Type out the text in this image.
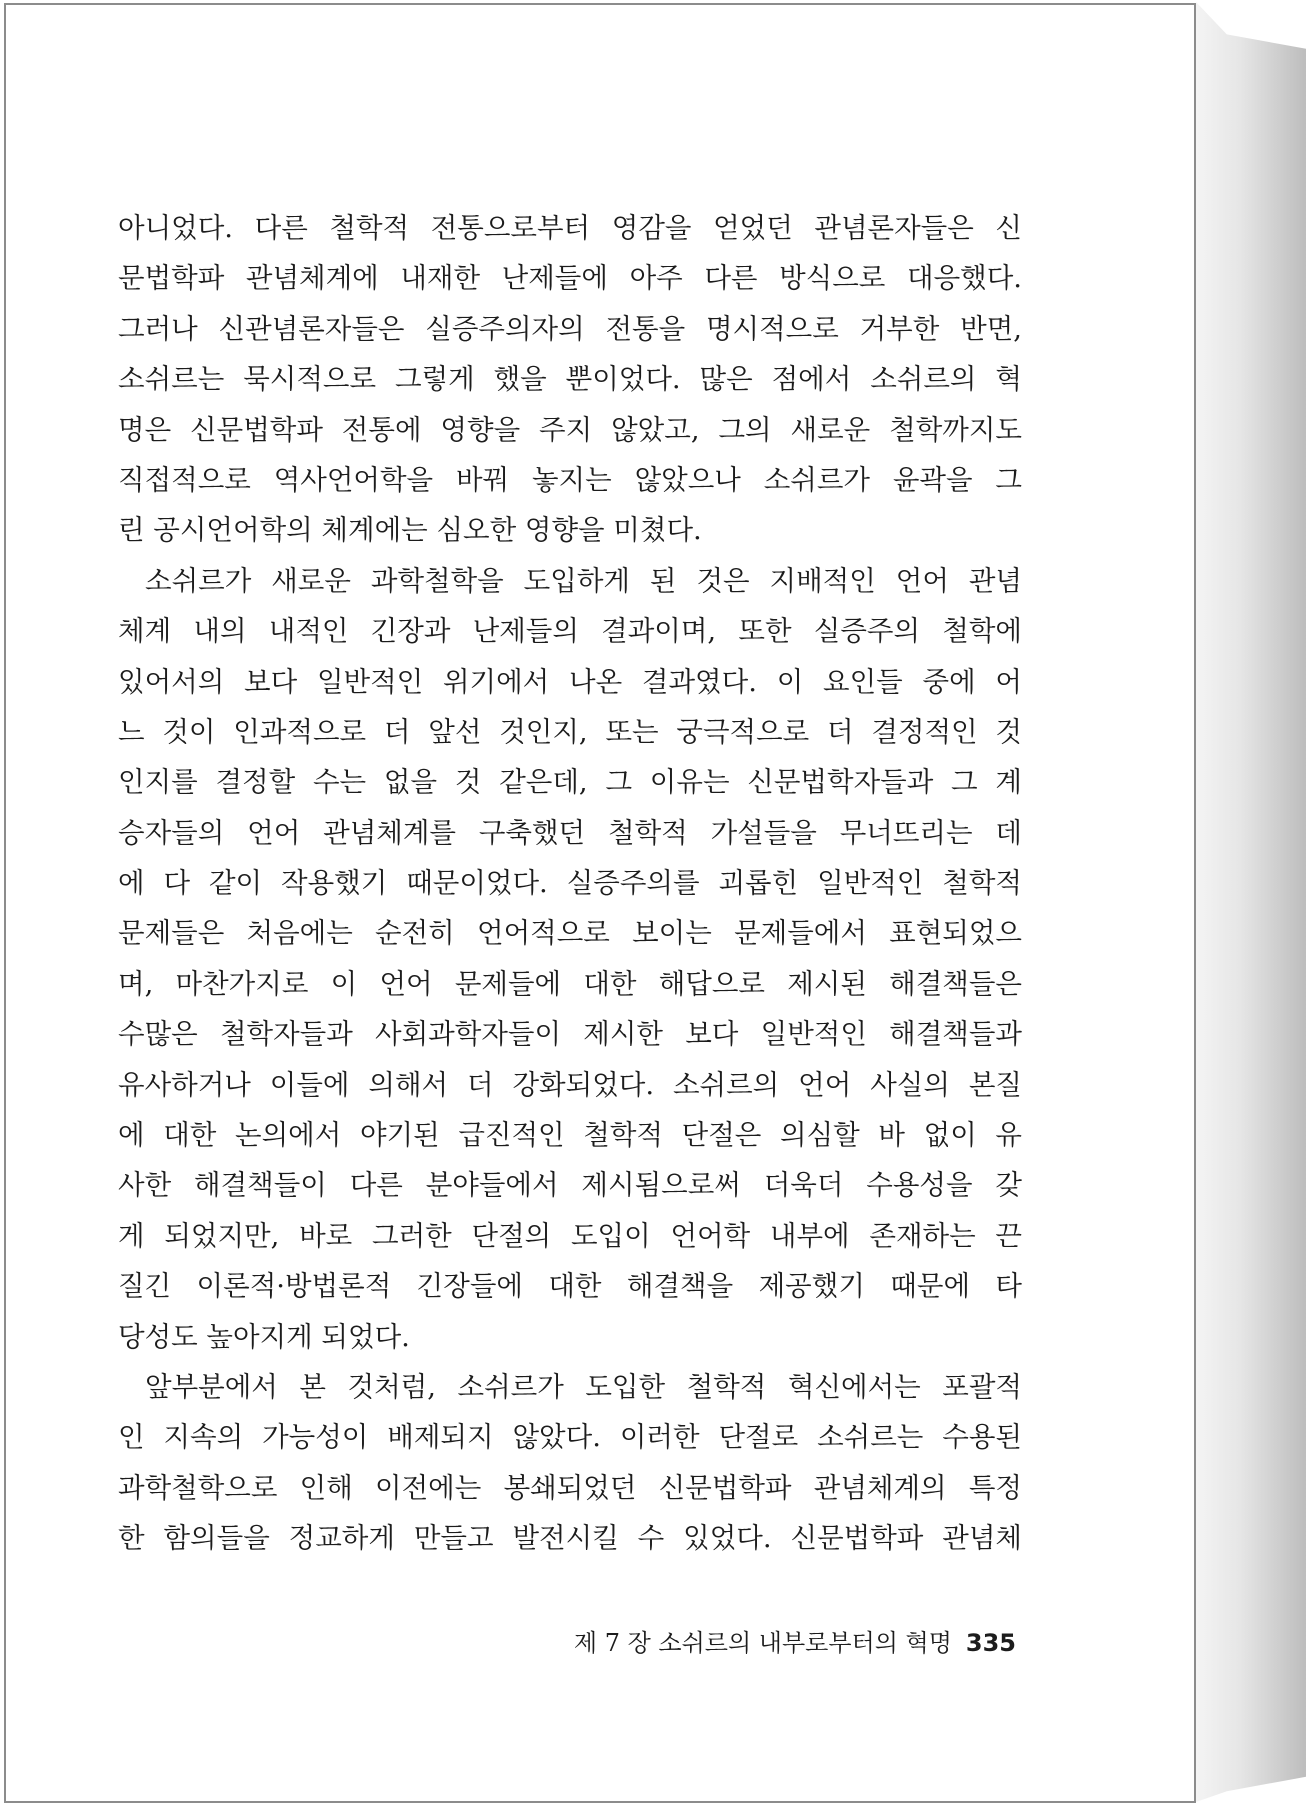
아니었다. 다른 철학적 전통으로부터 영감을 얻었던 관념론자들은 신
문법학파 관념체계에 내재한 난제들에 아주 다른 방식으로 대응했다.
그러나 신관념론자들은 실증주의자의 전통을 명시적으로 거부한 반면,
소쉬르는 묵시적으로 그렇게 했을 뿐이었다. 많은 점에서 소쉬르의 혁
명은 신문법학파 전통에 영향을 주지 않았고, 그의 새로운 철학까지도
직접적으로 역사언어학을 바꿔 놓지는 않았으나 소쉬르가 윤곽을 그
린 공시언어학의 체계에는 심오한 영향을 미쳤다.
소쉬르가 새로운 과학철학을 도입하게 된 것은 지배적인 언어 관념
체계 내의 내적인 긴장과 난제들의 결과이며, 또한 실증주의 철학에
있어서의 보다 일반적인 위기에서 나온 결과였다. 이 요인들 중에 어
느 것이 인과적으로 더 앞선 것인지, 또는 궁극적으로 더 결정적인 것
인지를 결정할 수는 없을 것 같은데, 그 이유는 신문법학자들과 그 계
승자들의 언어 관념체계를 구축했던 철학적 가설들을 무너뜨리는 데
에 다 같이 작용했기 때문이었다. 실증주의를 괴롭힌 일반적인 철학적
문제들은 처음에는 순전히 언어적으로 보이는 문제들에서 표현되었으
며, 마찬가지로 이 언어 문제들에 대한 해답으로 제시된 해결책들은
수많은 철학자들과 사회과학자들이 제시한 보다 일반적인 해결책들과
유사하거나 이들에 의해서 더 강화되었다. 소쉬르의 언어 사실의 본질
에 대한 논의에서 야기된 급진적인 철학적 단절은 의심할 바 없이 유
사한 해결책들이 다른 분야들에서 제시됨으로써 더욱더 수용성을 갖
게 되었지만, 바로 그러한 단절의 도입이 언어학 내부에 존재하는 끈
질긴 이론적·방법론적 긴장들에 대한 해결책을 제공했기 때문에 타
당성도 높아지게 되었다.
앞부분에서 본 것처럼, 소쉬르가 도입한 철학적 혁신에서는 포괄적
인 지속의 가능성이 배제되지 않았다. 이러한 단절로 소쉬르는 수용된
과학철학으로 인해 이전에는 봉쇄되었던 신문법학파 관념체계의 특정
한 함의들을 정교하게 만들고 발전시킬 수 있었다. 신문법학파 관념체
제 7 장 소쉬르의 내부로부터의 혁명 335
